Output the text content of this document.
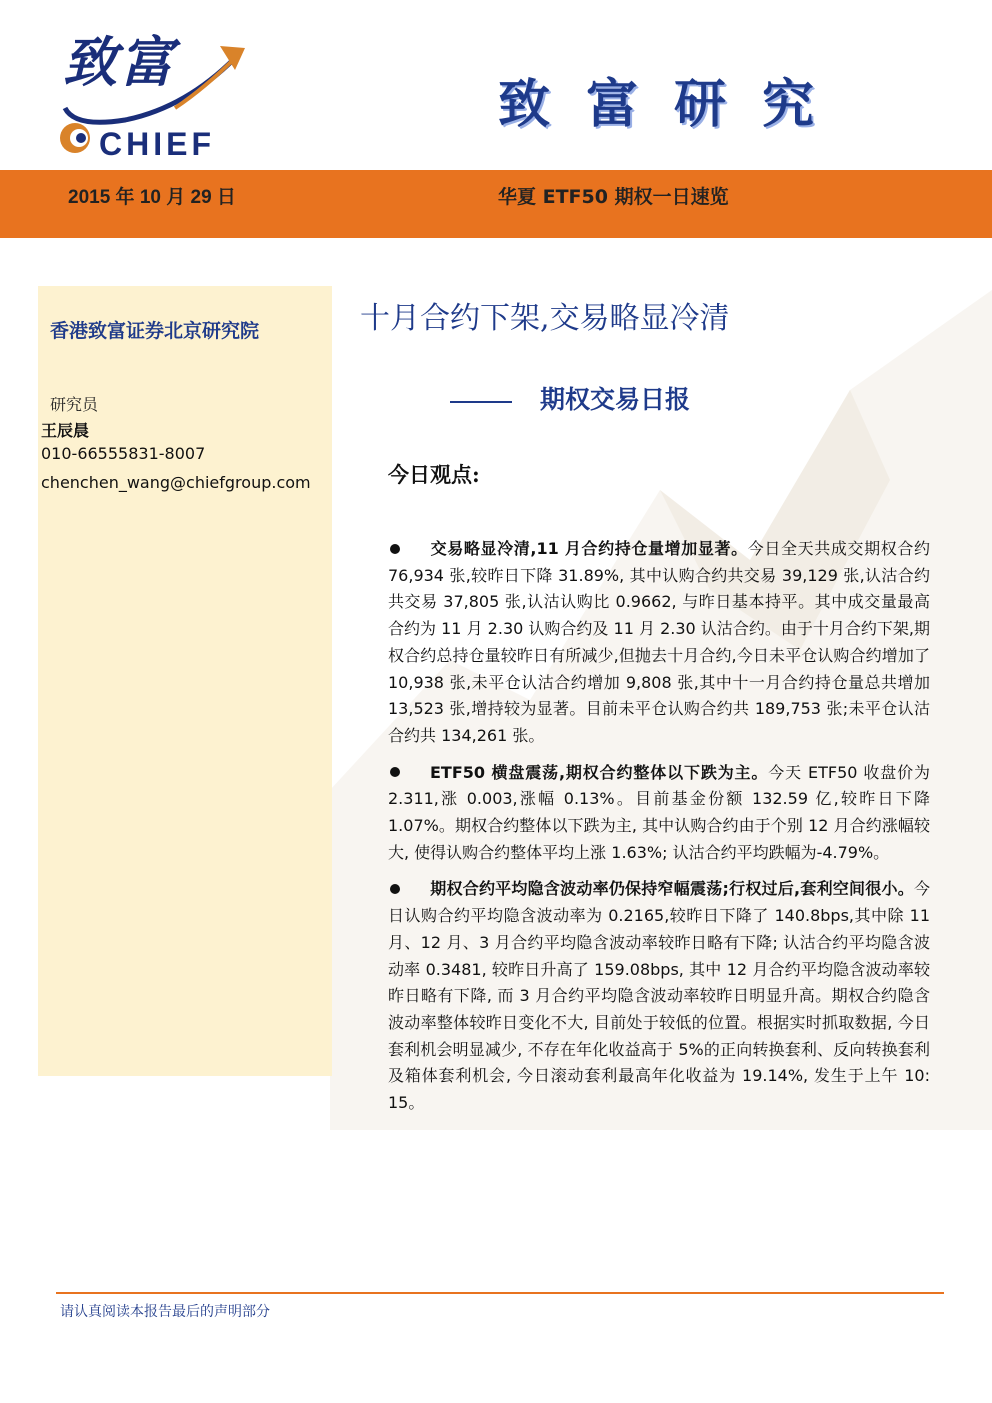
致富
CHIEF
致富研究
2015 年 10 月 29 日	华夏 ETF50 期权一日速览
香港致富证券北京研究院
研究员
王辰晨
010-66555831-8007
chenchen_wang@chiefgroup.com
十月合约下架,交易略显冷清
期权交易日报
今日观点:

交易略显冷清,11 月合约持仓量增加显著。今日全天共成交期权合约 76,934 张,较昨日下降 31.89%, 其中认购合约共交易 39,129 张,认沽合约共交易 37,805 张,认沽认购比 0.9662, 与昨日基本持平。其中成交量最高合约为 11 月 2.30 认购合约及 11 月 2.30 认沽合约。由于十月合约下架,期权合约总持仓量较昨日有所减少,但抛去十月合约,今日未平仓认购合约增加了 10,938 张,未平仓认沽合约增加 9,808 张,其中十一月合约持仓量总共增加 13,523 张,增持较为显著。目前未平仓认购合约共 189,753 张;未平仓认沽合约共 134,261 张。

ETF50 横盘震荡,期权合约整体以下跌为主。今天 ETF50 收盘价为 2.311,涨 0.003,涨幅 0.13%。目前基金份额 132.59 亿,较昨日下降 1.07%。期权合约整体以下跌为主, 其中认购合约由于个别 12 月合约涨幅较大, 使得认购合约整体平均上涨 1.63%; 认沽合约平均跌幅为-4.79%。

期权合约平均隐含波动率仍保持窄幅震荡;行权过后,套利空间很小。今日认购合约平均隐含波动率为 0.2165,较昨日下降了 140.8bps,其中除 11 月、12 月、3 月合约平均隐含波动率较昨日略有下降; 认沽合约平均隐含波动率 0.3481, 较昨日升高了 159.08bps, 其中 12 月合约平均隐含波动率较昨日略有下降, 而 3 月合约平均隐含波动率较昨日明显升高。期权合约隐含波动率整体较昨日变化不大, 目前处于较低的位置。根据实时抓取数据, 今日套利机会明显减少, 不存在年化收益高于 5%的正向转换套利、反向转换套利及箱体套利机会, 今日滚动套利最高年化收益为 19.14%, 发生于上午 10: 15。

请认真阅读本报告最后的声明部分
